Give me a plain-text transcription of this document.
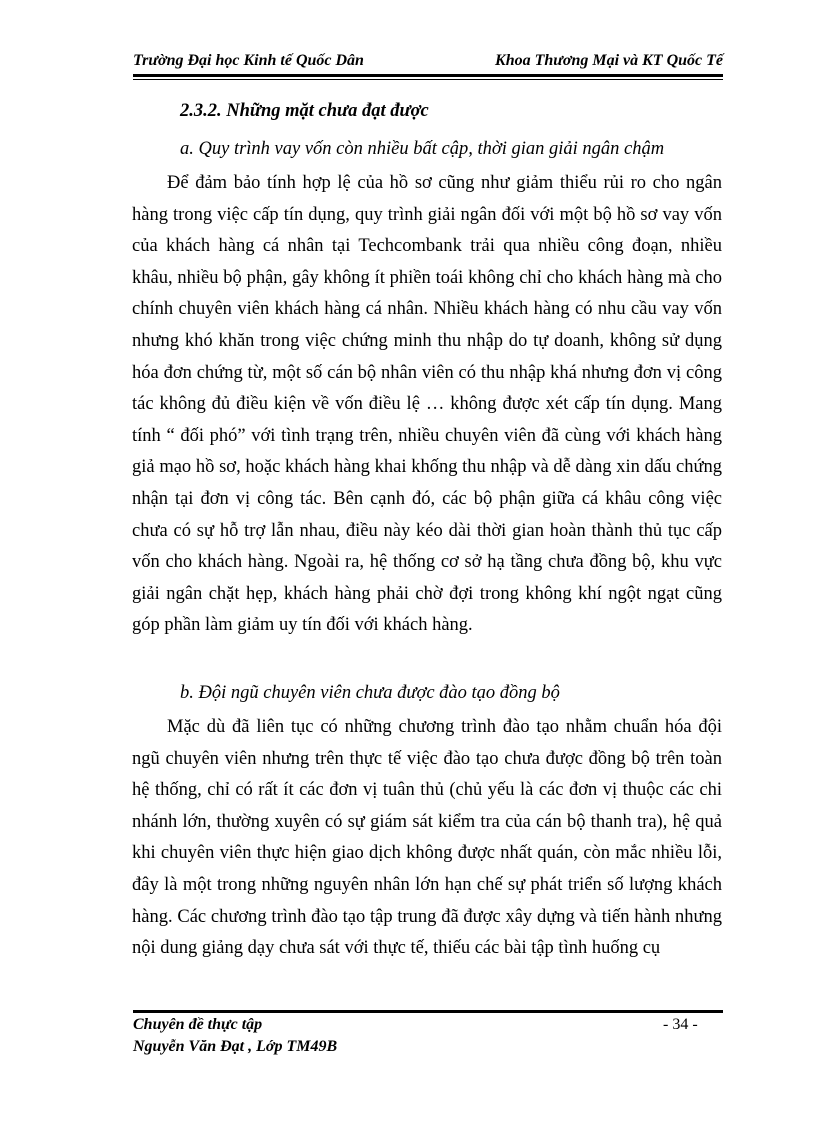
Trường Đại học Kinh tế Quốc Dân	Khoa Thương Mại và KT Quốc Tế

2.3.2. Những mặt chưa đạt được

a. Quy trình vay vốn còn nhiều bất cập, thời gian giải ngân chậm

Để đảm bảo tính hợp lệ của hồ sơ cũng như giảm thiểu rủi ro cho ngân hàng trong việc cấp tín dụng, quy trình giải ngân đối với một bộ hồ sơ vay vốn của khách hàng cá nhân tại Techcombank trải qua nhiều công đoạn, nhiều khâu, nhiều bộ phận, gây không ít phiền toái không chỉ cho khách hàng mà cho chính chuyên viên khách hàng cá nhân. Nhiều khách hàng có nhu cầu vay vốn nhưng khó khăn trong việc chứng minh thu nhập do tự doanh, không sử dụng hóa đơn chứng từ, một số cán bộ nhân viên có thu nhập khá nhưng đơn vị công tác không đủ điều kiện về vốn điều lệ … không được xét cấp tín dụng. Mang tính “ đối phó” với tình trạng trên, nhiều chuyên viên đã cùng với khách hàng giả mạo hồ sơ, hoặc khách hàng khai khống thu nhập và dễ dàng xin dấu chứng nhận tại đơn vị công tác. Bên cạnh đó, các bộ phận giữa cá khâu công việc chưa có sự hỗ trợ lẫn nhau, điều này kéo dài thời gian hoàn thành thủ tục cấp vốn cho khách hàng. Ngoài ra, hệ thống cơ sở hạ tầng chưa đồng bộ, khu vực giải ngân chặt hẹp, khách hàng phải chờ đợi trong không khí ngột ngạt cũng góp phần làm giảm uy tín đối với khách hàng.

b. Đội ngũ chuyên viên chưa được đào tạo đồng bộ

Mặc dù đã liên tục có những chương trình đào tạo nhằm chuẩn hóa đội ngũ chuyên viên nhưng trên thực tế việc đào tạo chưa được đồng bộ trên toàn hệ thống, chỉ có rất ít các đơn vị tuân thủ (chủ yếu là các đơn vị thuộc các chi nhánh lớn, thường xuyên có sự giám sát kiểm tra của cán bộ thanh tra), hệ quả khi chuyên viên thực hiện giao dịch không được nhất quán, còn mắc nhiều lỗi, đây là một trong những nguyên nhân lớn hạn chế sự phát triển số lượng khách hàng. Các chương trình đào tạo tập trung đã được xây dựng và tiến hành nhưng nội dung giảng dạy chưa sát với thực tế, thiếu các bài tập tình huống cụ

Chuyên đề thực tập
Nguyễn Văn Đạt , Lớp TM49B
- 34 -
